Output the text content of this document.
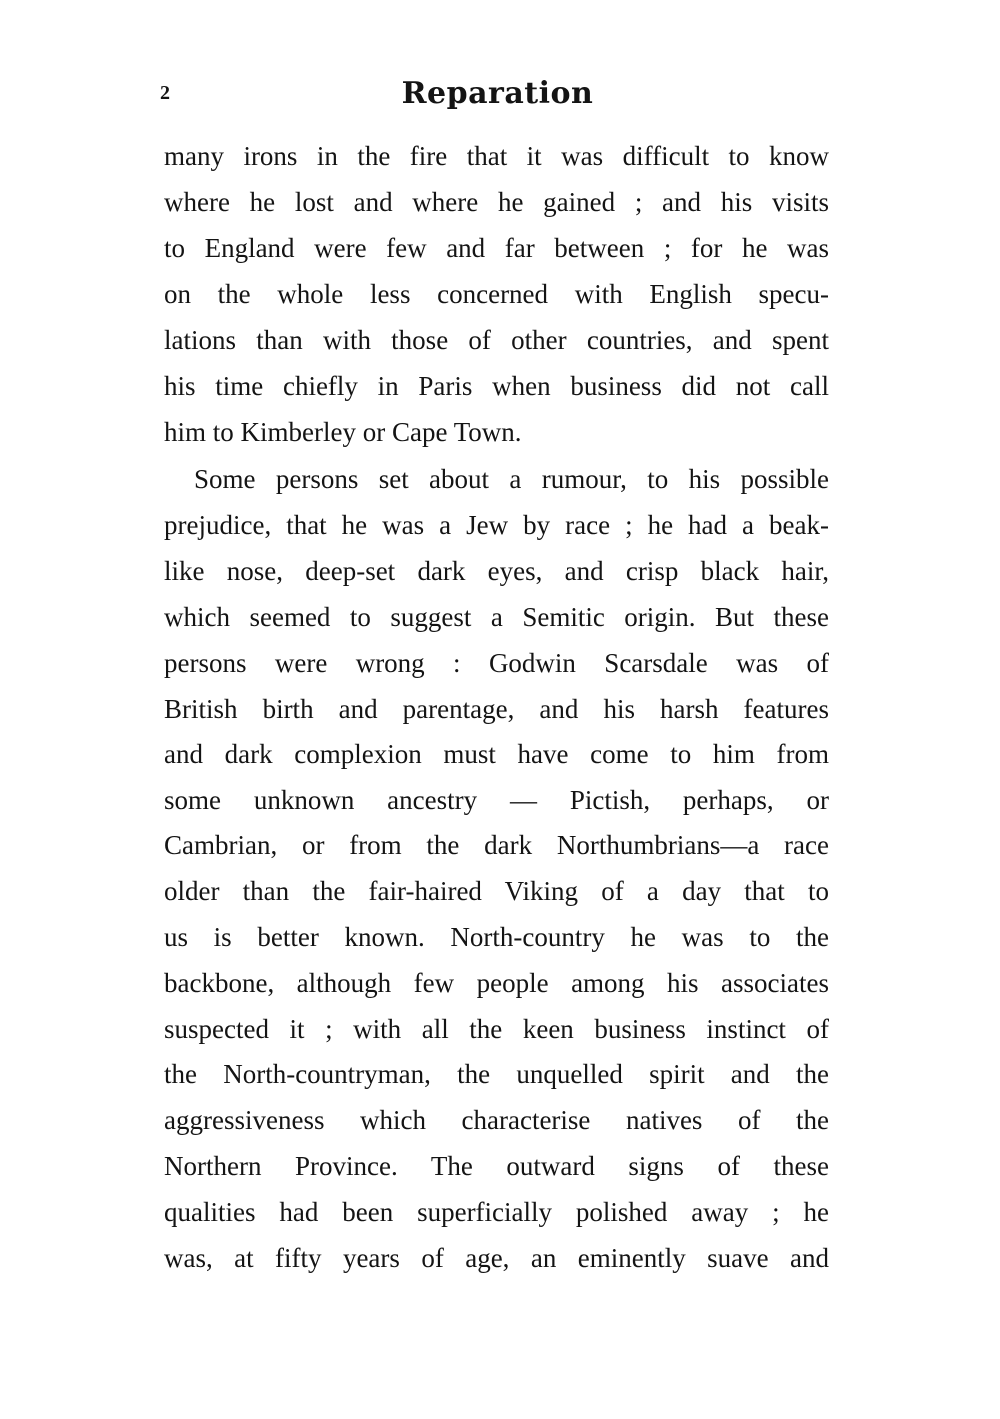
2	Reparation
many irons in the fire that it was difficult to know
where he lost and where he gained ; and his visits
to England were few and far between ; for he was
on the whole less concerned with English specu-
lations than with those of other countries, and spent
his time chiefly in Paris when business did not call
him to Kimberley or Cape Town.
Some persons set about a rumour, to his possible
prejudice, that he was a Jew by race ; he had a beak-
like nose, deep-set dark eyes, and crisp black hair,
which seemed to suggest a Semitic origin. But these
persons were wrong : Godwin Scarsdale was of
British birth and parentage, and his harsh features
and dark complexion must have come to him from
some unknown ancestry — Pictish, perhaps, or
Cambrian, or from the dark Northumbrians—a race
older than the fair-haired Viking of a day that to
us is better known. North-country he was to the
backbone, although few people among his associates
suspected it ; with all the keen business instinct of
the North-countryman, the unquelled spirit and the
aggressiveness which characterise natives of the
Northern Province. The outward signs of these
qualities had been superficially polished away ; he
was, at fifty years of age, an eminently suave and
